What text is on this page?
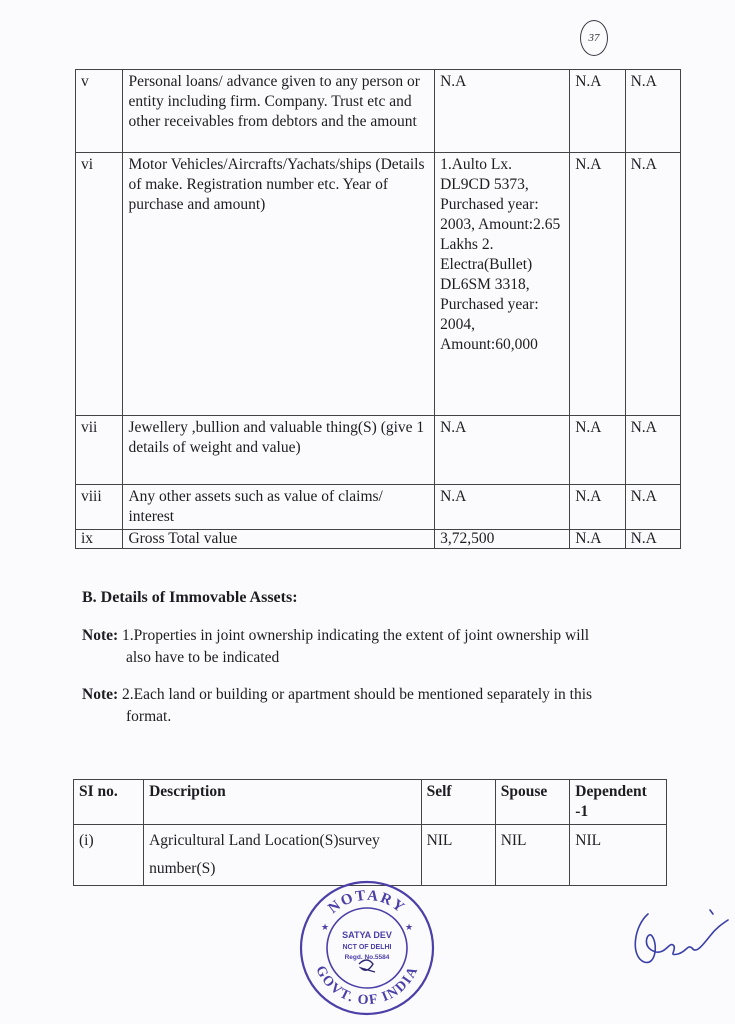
37
v	Personal loans/ advance given to any person or entity including firm. Company. Trust etc and other receivables from debtors and the amount	N.A	N.A	N.A
vi	Motor Vehicles/Aircrafts/Yachats/ships (Details of make. Registration number etc. Year of purchase and amount)	1.Aulto Lx. DL9CD 5373, Purchased year: 2003, Amount:2.65 Lakhs 2. Electra(Bullet) DL6SM 3318, Purchased year: 2004, Amount:60,000	N.A	N.A
vii	Jewellery ,bullion and valuable thing(S) (give 1 details of weight and value)	N.A	N.A	N.A
viii	Any other assets such as value of claims/ interest	N.A	N.A	N.A
ix	Gross Total value	3,72,500	N.A	N.A
B. Details of Immovable Assets:
Note: 1.Properties in joint ownership indicating the extent of joint ownership will
also have to be indicated
Note: 2.Each land or building or apartment should be mentioned separately in this
format.
SI no.	Description	Self	Spouse	Dependent -1
(i)	Agricultural Land Location(S)survey number(S)	NIL	NIL	NIL
NOTARY
GOVT. OF INDIA
SATYA DEV
NCT OF DELHI
Regd. No.5584
★	★
